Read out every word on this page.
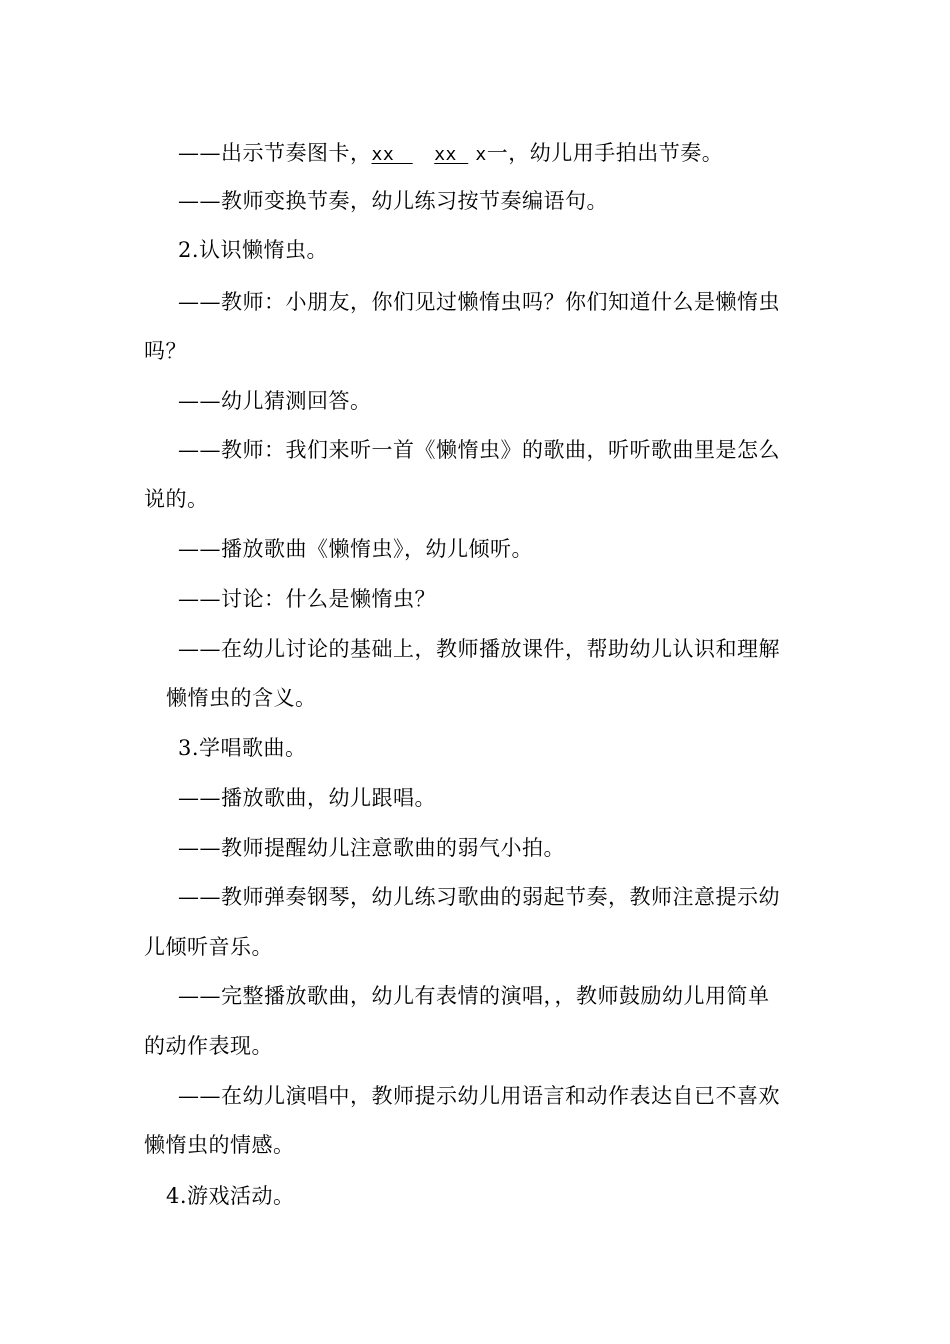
——出示节奏图卡，xx　   xx  x一，幼儿用手拍出节奏。
——教师变换节奏，幼儿练习按节奏编语句。
2.认识懒惰虫。
——教师：小朋友，你们见过懒惰虫吗？你们知道什么是懒惰虫
吗？
——幼儿猜测回答。
——教师：我们来听一首《懒惰虫》的歌曲，听听歌曲里是怎么
说的。
——播放歌曲《懒惰虫》，幼儿倾听。
——讨论：什么是懒惰虫？
——在幼儿讨论的基础上，教师播放课件，帮助幼儿认识和理解
懒惰虫的含义。
3.学唱歌曲。
——播放歌曲，幼儿跟唱。
——教师提醒幼儿注意歌曲的弱气小拍。
——教师弹奏钢琴，幼儿练习歌曲的弱起节奏，教师注意提示幼
儿倾听音乐。
——完整播放歌曲，幼儿有表情的演唱，，教师鼓励幼儿用简单
的动作表现。
——在幼儿演唱中，教师提示幼儿用语言和动作表达自已不喜欢
懒惰虫的情感。
4.游戏活动。
